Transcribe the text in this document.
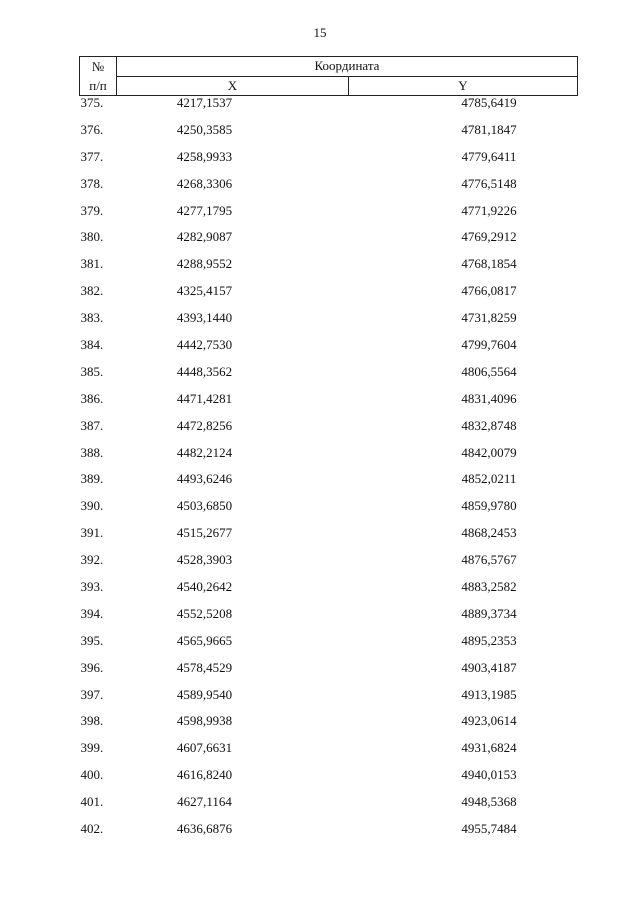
15
№
п/п	Координата	
	X	Y
375.	4217,1537	4785,6419
376.	4250,3585	4781,1847
377.	4258,9933	4779,6411
378.	4268,3306	4776,5148
379.	4277,1795	4771,9226
380.	4282,9087	4769,2912
381.	4288,9552	4768,1854
382.	4325,4157	4766,0817
383.	4393,1440	4731,8259
384.	4442,7530	4799,7604
385.	4448,3562	4806,5564
386.	4471,4281	4831,4096
387.	4472,8256	4832,8748
388.	4482,2124	4842,0079
389.	4493,6246	4852,0211
390.	4503,6850	4859,9780
391.	4515,2677	4868,2453
392.	4528,3903	4876,5767
393.	4540,2642	4883,2582
394.	4552,5208	4889,3734
395.	4565,9665	4895,2353
396.	4578,4529	4903,4187
397.	4589,9540	4913,1985
398.	4598,9938	4923,0614
399.	4607,6631	4931,6824
400.	4616,8240	4940,0153
401.	4627,1164	4948,5368
402.	4636,6876	4955,7484
